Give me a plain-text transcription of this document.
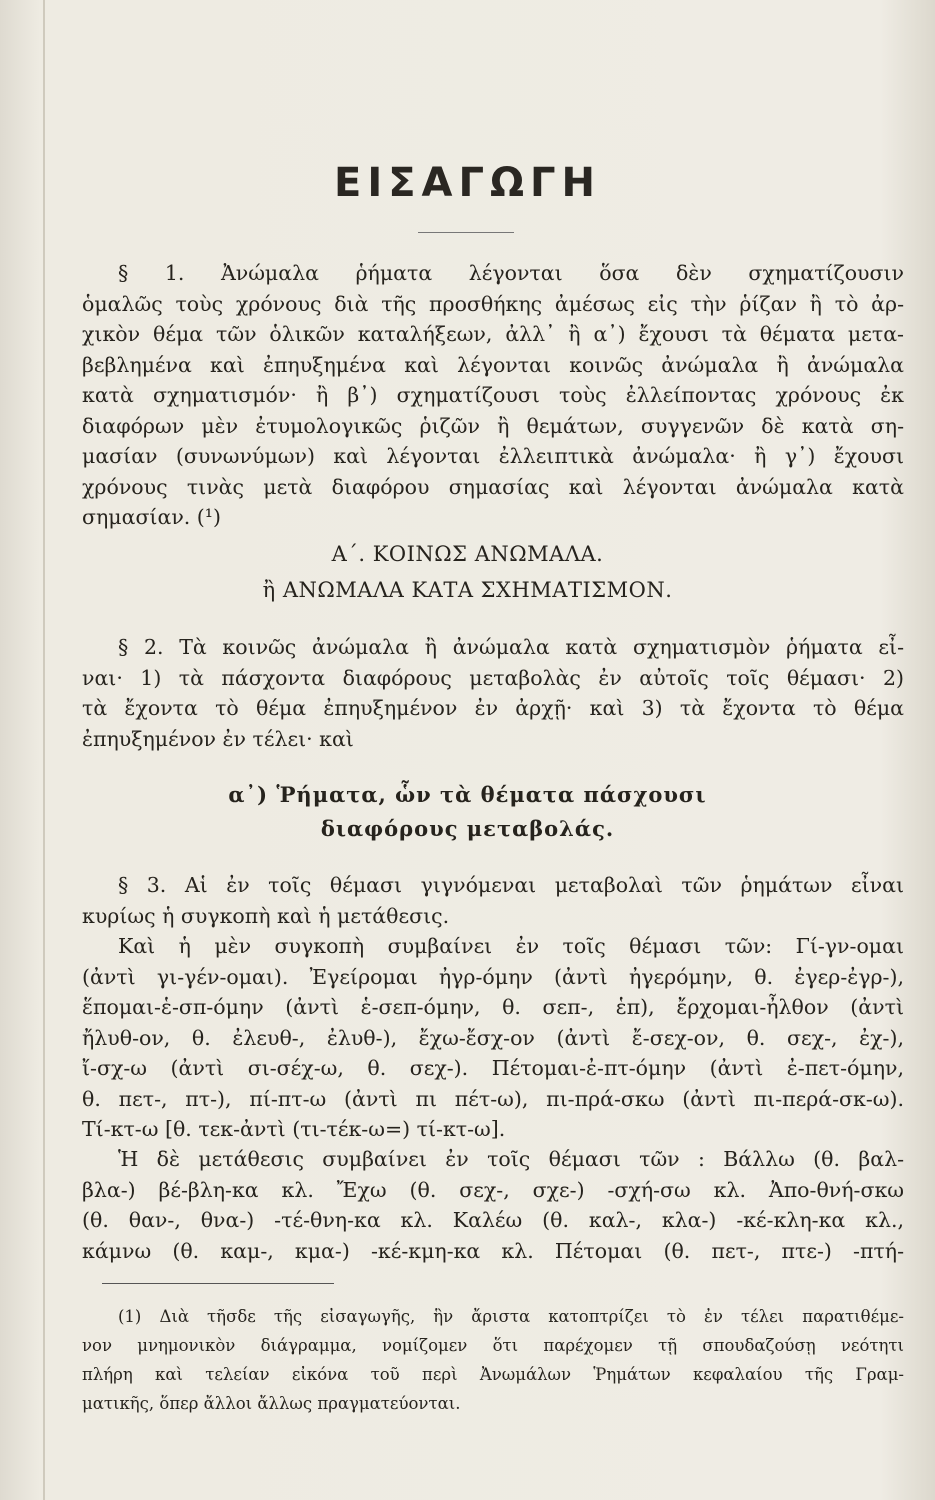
ΕΙΣΑΓΩΓΗ
§ 1. Ἀνώμαλα ῥήματα λέγονται ὅσα δὲν σχηματίζουσιν
ὁμαλῶς τοὺς χρόνους διὰ τῆς προσθήκης ἀμέσως εἰς τὴν ῥίζαν ἢ τὸ ἀρ-
χικὸν θέμα τῶν ὁλικῶν καταλήξεων, ἀλλ᾿ ἢ α᾿) ἔχουσι τὰ θέματα μετα-
βεβλημένα καὶ ἐπηυξημένα καὶ λέγονται κοινῶς ἀνώμαλα ἢ ἀνώμαλα
κατὰ σχηματισμόν· ἢ β᾿) σχηματίζουσι τοὺς ἐλλείποντας χρόνους ἐκ
διαφόρων μὲν ἐτυμολογικῶς ῥιζῶν ἢ θεμάτων, συγγενῶν δὲ κατὰ ση-
μασίαν (συνωνύμων) καὶ λέγονται ἐλλειπτικὰ ἀνώμαλα· ἢ γ᾿) ἔχουσι
χρόνους τινὰς μετὰ διαφόρου σημασίας καὶ λέγονται ἀνώμαλα κατὰ
σημασίαν. (¹)
Α΄. ΚΟΙΝΩΣ ΑΝΩΜΑΛΑ.
ἢ ΑΝΩΜΑΛΑ ΚΑΤΑ ΣΧΗΜΑΤΙΣΜΟΝ.
§ 2. Τὰ κοινῶς ἀνώμαλα ἢ ἀνώμαλα κατὰ σχηματισμὸν ῥήματα εἶ-
ναι· 1) τὰ πάσχοντα διαφόρους μεταβολὰς ἐν αὐτοῖς τοῖς θέμασι· 2)
τὰ ἔχοντα τὸ θέμα ἐπηυξημένον ἐν ἀρχῇ· καὶ 3) τὰ ἔχοντα τὸ θέμα
ἐπηυξημένον ἐν τέλει· καὶ
α᾿) Ῥήματα, ὧν τὰ θέματα πάσχουσι
διαφόρους μεταβολάς.
§ 3. Αἱ ἐν τοῖς θέμασι γιγνόμεναι μεταβολαὶ τῶν ῥημάτων εἶναι
κυρίως ἡ συγκοπὴ καὶ ἡ μετάθεσις.
Καὶ ἡ μὲν συγκοπὴ συμβαίνει ἐν τοῖς θέμασι τῶν: Γί-γν-ομαι
(ἀντὶ γι-γέν-ομαι). Ἐγείρομαι ἠγρ-όμην (ἀντὶ ἠγερόμην, θ. ἐγερ-ἐγρ-),
ἕπομαι-ἑ-σπ-όμην (ἀντὶ ἑ-σεπ-όμην, θ. σεπ-, ἑπ), ἔρχομαι-ἦλθον (ἀντὶ
ἤλυθ-ον, θ. ἐλευθ-, ἐλυθ-), ἔχω-ἔσχ-ον (ἀντὶ ἔ-σεχ-ον, θ. σεχ-, ἐχ-),
ἴ-σχ-ω (ἀντὶ σι-σέχ-ω, θ. σεχ-). Πέτομαι-ἐ-πτ-όμην (ἀντὶ ἐ-πετ-όμην,
θ. πετ-, πτ-), πί-πτ-ω (ἀντὶ πι πέτ-ω), πι-πρά-σκω (ἀντὶ πι-περά-σκ-ω).
Τί-κτ-ω [θ. τεκ-ἀντὶ (τι-τέκ-ω=) τί-κτ-ω].
Ἡ δὲ μετάθεσις συμβαίνει ἐν τοῖς θέμασι τῶν : Βάλλω (θ. βαλ-
βλα-) βέ-βλη-κα κλ. Ἔχω (θ. σεχ-, σχε-) -σχή-σω κλ. Ἀπο-θνή-σκω
(θ. θαν-, θνα-) -τέ-θνη-κα κλ. Καλέω (θ. καλ-, κλα-) -κέ-κλη-κα κλ.,
κάμνω (θ. καμ-, κμα-) -κέ-κμη-κα κλ. Πέτομαι (θ. πετ-, πτε-) -πτή-
(1) Διὰ τῆσδε τῆς εἰσαγωγῆς, ἣν ἄριστα κατοπτρίζει τὸ ἐν τέλει παρατιθέμε-
νον μνημονικὸν διάγραμμα, νομίζομεν ὅτι παρέχομεν τῇ σπουδαζούσῃ νεότητι
πλήρη καὶ τελείαν εἰκόνα τοῦ περὶ Ἀνωμάλων Ῥημάτων κεφαλαίου τῆς Γραμ-
ματικῆς, ὅπερ ἄλλοι ἄλλως πραγματεύονται.
